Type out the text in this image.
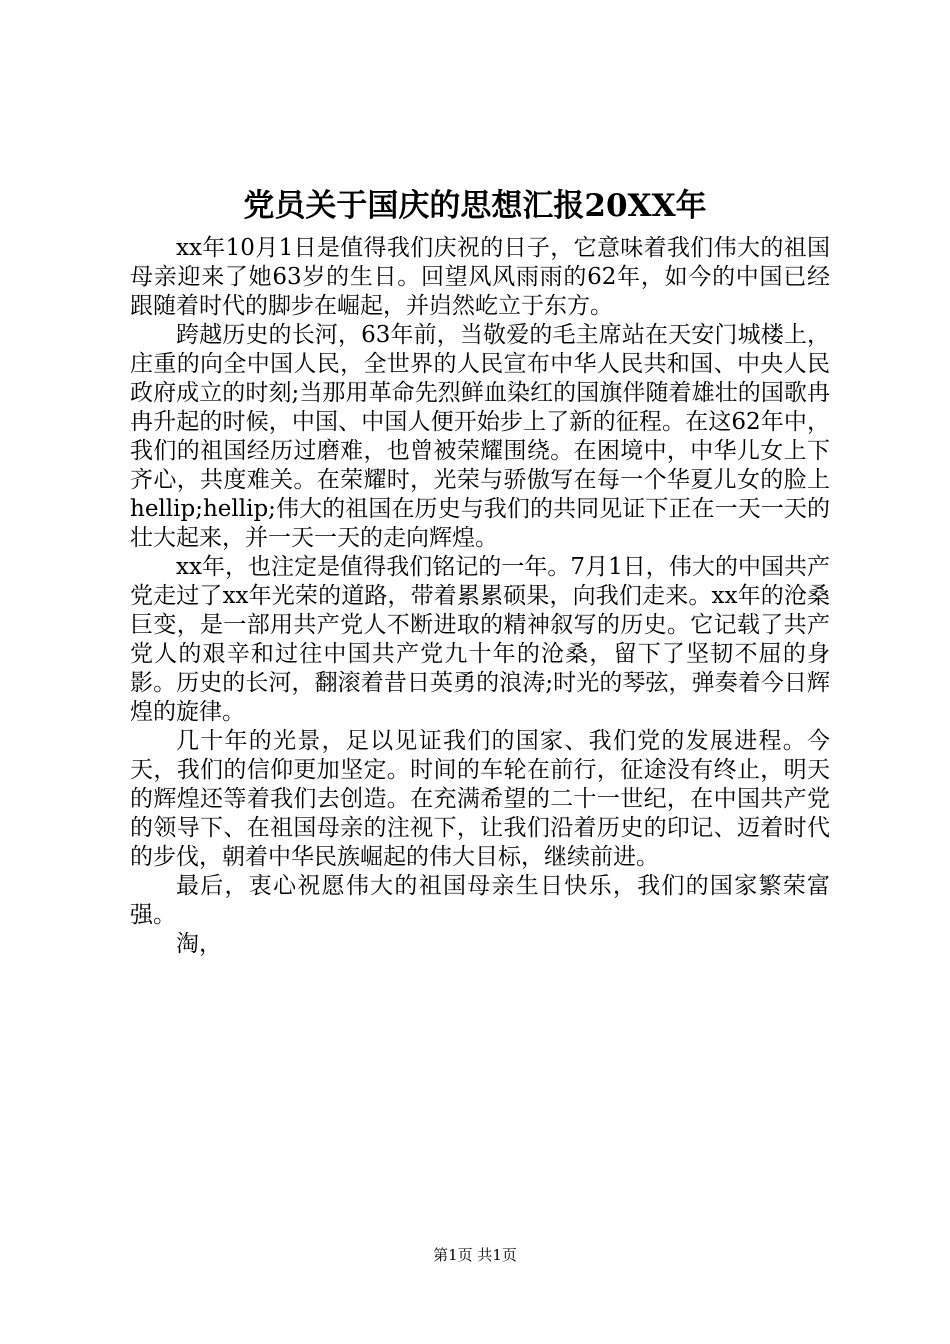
党员关于国庆的思想汇报20XX年

xx年10月1日是值得我们庆祝的日子，它意味着我们伟大的祖国母亲迎来了她63岁的生日。回望风风雨雨的62年，如今的中国已经跟随着时代的脚步在崛起，并岿然屹立于东方。

跨越历史的长河，63年前，当敬爱的毛主席站在天安门城楼上，庄重的向全中国人民，全世界的人民宣布中华人民共和国、中央人民政府成立的时刻;当那用革命先烈鲜血染红的国旗伴随着雄壮的国歌冉冉升起的时候，中国、中国人便开始步上了新的征程。在这62年中，我们的祖国经历过磨难，也曾被荣耀围绕。在困境中，中华儿女上下齐心，共度难关。在荣耀时，光荣与骄傲写在每一个华夏儿女的脸上hellip;hellip;伟大的祖国在历史与我们的共同见证下正在一天一天的壮大起来，并一天一天的走向辉煌。

xx年，也注定是值得我们铭记的一年。7月1日，伟大的中国共产党走过了xx年光荣的道路，带着累累硕果，向我们走来。xx年的沧桑巨变，是一部用共产党人不断进取的精神叙写的历史。它记载了共产党人的艰辛和过往中国共产党九十年的沧桑，留下了坚韧不屈的身影。历史的长河，翻滚着昔日英勇的浪涛;时光的琴弦，弹奏着今日辉煌的旋律。

几十年的光景，足以见证我们的国家、我们党的发展进程。今天，我们的信仰更加坚定。时间的车轮在前行，征途没有终止，明天的辉煌还等着我们去创造。在充满希望的二十一世纪，在中国共产党的领导下、在祖国母亲的注视下，让我们沿着历史的印记、迈着时代的步伐，朝着中华民族崛起的伟大目标，继续前进。

最后，衷心祝愿伟大的祖国母亲生日快乐，我们的国家繁荣富强。

淘，

第1页 共1页
